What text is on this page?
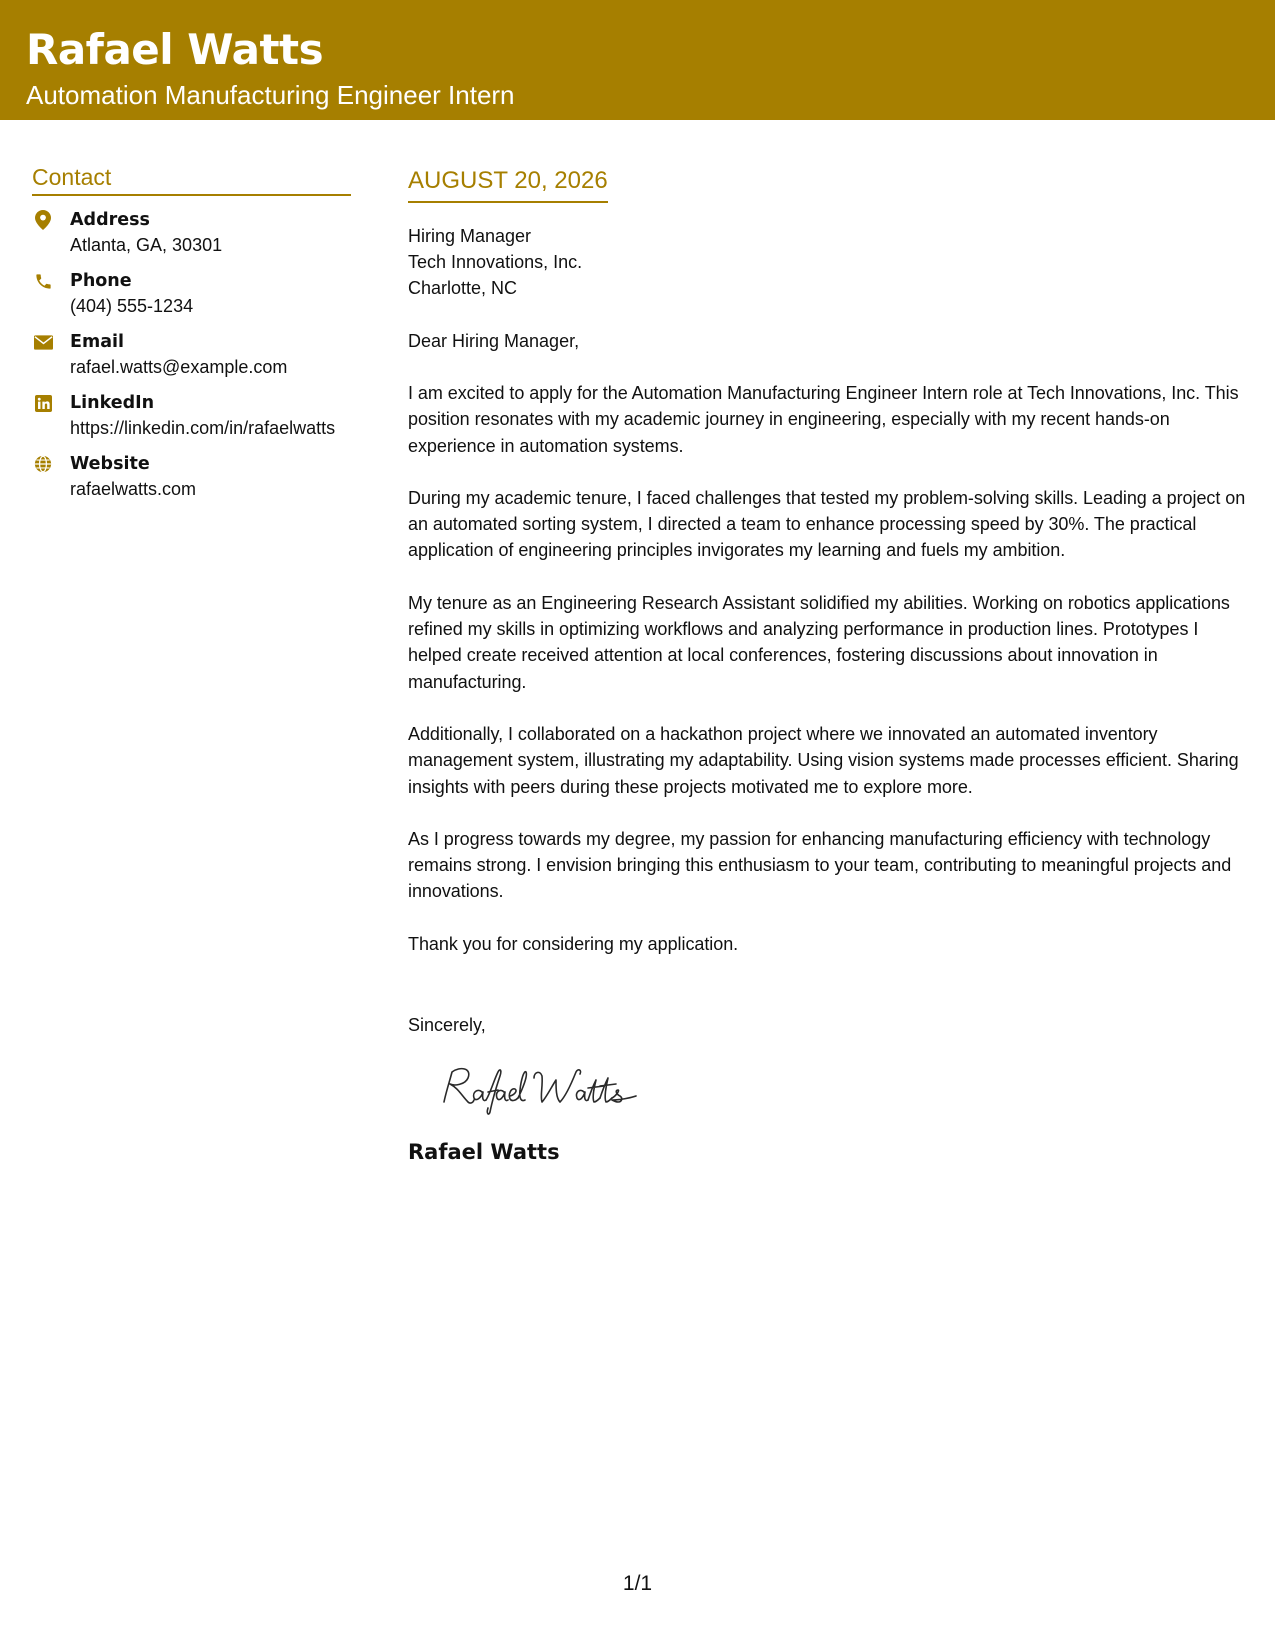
Rafael Watts
Automation Manufacturing Engineer Intern
Contact
Address
Atlanta, GA, 30301
Phone
(404) 555-1234
Email
rafael.watts@example.com
LinkedIn
https://linkedin.com/in/rafaelwatts
Website
rafaelwatts.com
AUGUST 20, 2026
Hiring Manager
Tech Innovations, Inc.
Charlotte, NC
Dear Hiring Manager,

I am excited to apply for the Automation Manufacturing Engineer Intern role at Tech Innovations, Inc. This position resonates with my academic journey in engineering, especially with my recent hands-on experience in automation systems.

During my academic tenure, I faced challenges that tested my problem-solving skills. Leading a project on an automated sorting system, I directed a team to enhance processing speed by 30%. The practical application of engineering principles invigorates my learning and fuels my ambition.

My tenure as an Engineering Research Assistant solidified my abilities. Working on robotics applications refined my skills in optimizing workflows and analyzing performance in production lines. Prototypes I helped create received attention at local conferences, fostering discussions about innovation in manufacturing.

Additionally, I collaborated on a hackathon project where we innovated an automated inventory management system, illustrating my adaptability. Using vision systems made processes efficient. Sharing insights with peers during these projects motivated me to explore more.

As I progress towards my degree, my passion for enhancing manufacturing efficiency with technology remains strong. I envision bringing this enthusiasm to your team, contributing to meaningful projects and innovations.

Thank you for considering my application.

Sincerely,
Rafael Watts
1/1
